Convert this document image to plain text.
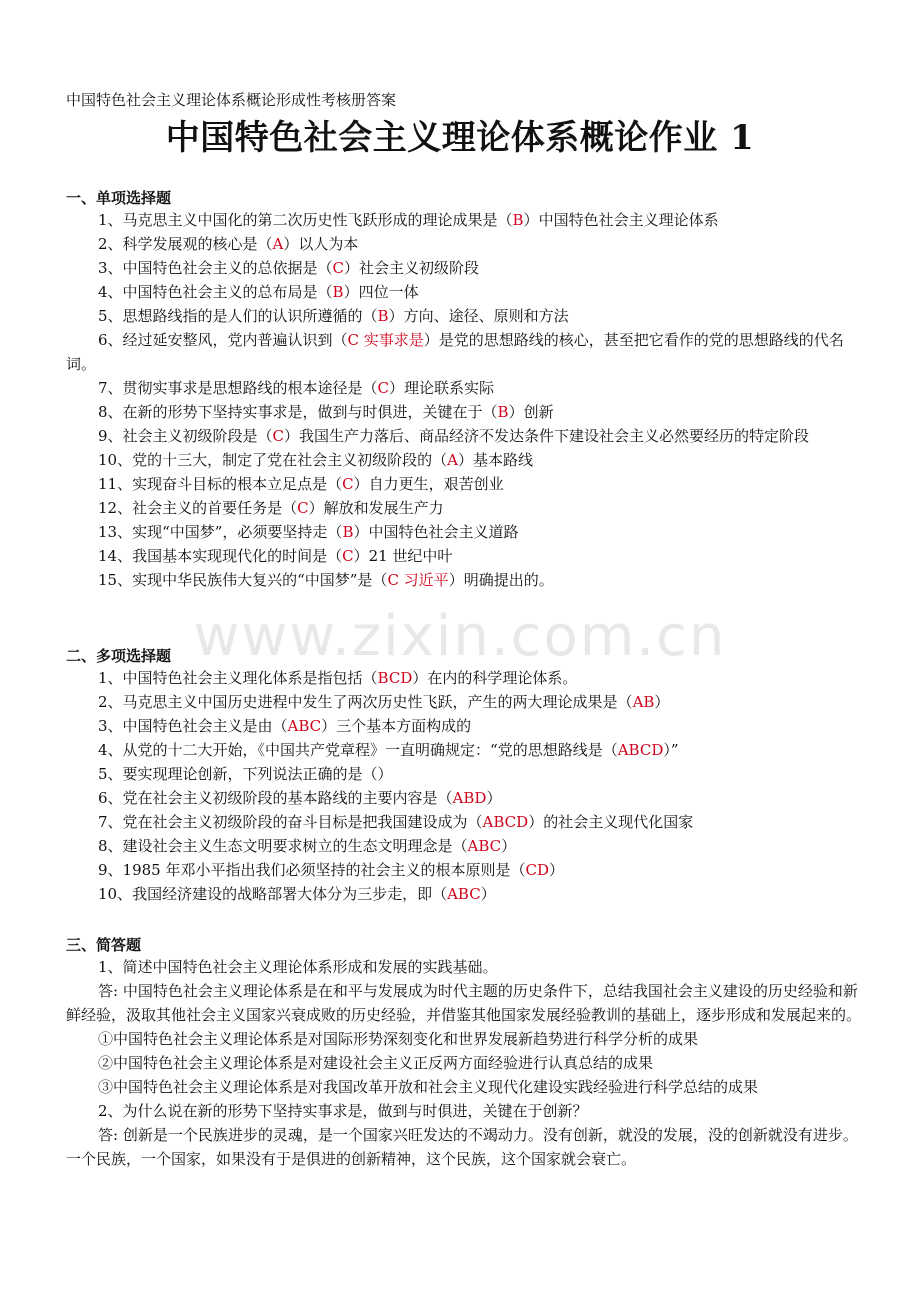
中国特色社会主义理论体系概论形成性考核册答案
中国特色社会主义理论体系概论作业 1
一、单项选择题
1、马克思主义中国化的第二次历史性飞跃形成的理论成果是（B）中国特色社会主义理论体系
2、科学发展观的核心是（A）以人为本
3、中国特色社会主义的总依据是（C）社会主义初级阶段
4、中国特色社会主义的总布局是（B）四位一体
5、思想路线指的是人们的认识所遵循的（B）方向、途径、原则和方法
6、经过延安整风，党内普遍认识到（C 实事求是）是党的思想路线的核心，甚至把它看作的党的思想路线的代名词。
7、贯彻实事求是思想路线的根本途径是（C）理论联系实际
8、在新的形势下坚持实事求是，做到与时俱进，关键在于（B）创新
9、社会主义初级阶段是（C）我国生产力落后、商品经济不发达条件下建设社会主义必然要经历的特定阶段
10、党的十三大，制定了党在社会主义初级阶段的（A）基本路线
11、实现奋斗目标的根本立足点是（C）自力更生，艰苦创业
12、社会主义的首要任务是（C）解放和发展生产力
13、实现“中国梦”，必须要坚持走（B）中国特色社会主义道路
14、我国基本实现现代化的时间是（C）21 世纪中叶
15、实现中华民族伟大复兴的“中国梦”是（C 习近平）明确提出的。
二、多项选择题
1、中国特色社会主义理化体系是指包括（BCD）在内的科学理论体系。
2、马克思主义中国历史进程中发生了两次历史性飞跃，产生的两大理论成果是（AB）
3、中国特色社会主义是由（ABC）三个基本方面构成的
4、从党的十二大开始，《中国共产党章程》一直明确规定：“党的思想路线是（ABCD）”
5、要实现理论创新，下列说法正确的是（）
6、党在社会主义初级阶段的基本路线的主要内容是（ABD）
7、党在社会主义初级阶段的奋斗目标是把我国建设成为（ABCD）的社会主义现代化国家
8、建设社会主义生态文明要求树立的生态文明理念是（ABC）
9、1985 年邓小平指出我们必须坚持的社会主义的根本原则是（CD）
10、我国经济建设的战略部署大体分为三步走，即（ABC）
三、简答题
1、简述中国特色社会主义理论体系形成和发展的实践基础。
答: 中国特色社会主义理论体系是在和平与发展成为时代主题的历史条件下，总结我国社会主义建设的历史经验和新鲜经验，汲取其他社会主义国家兴衰成败的历史经验，并借鉴其他国家发展经验教训的基础上，逐步形成和发展起来的。
①中国特色社会主义理论体系是对国际形势深刻变化和世界发展新趋势进行科学分析的成果
②中国特色社会主义理论体系是对建设社会主义正反两方面经验进行认真总结的成果
③中国特色社会主义理论体系是对我国改革开放和社会主义现代化建设实践经验进行科学总结的成果
2、为什么说在新的形势下坚持实事求是，做到与时俱进，关键在于创新？
答: 创新是一个民族进步的灵魂，是一个国家兴旺发达的不竭动力。没有创新，就没的发展，没的创新就没有进步。一个民族，一个国家，如果没有于是俱进的创新精神，这个民族，这个国家就会衰亡。
www.zixin.com.cn
